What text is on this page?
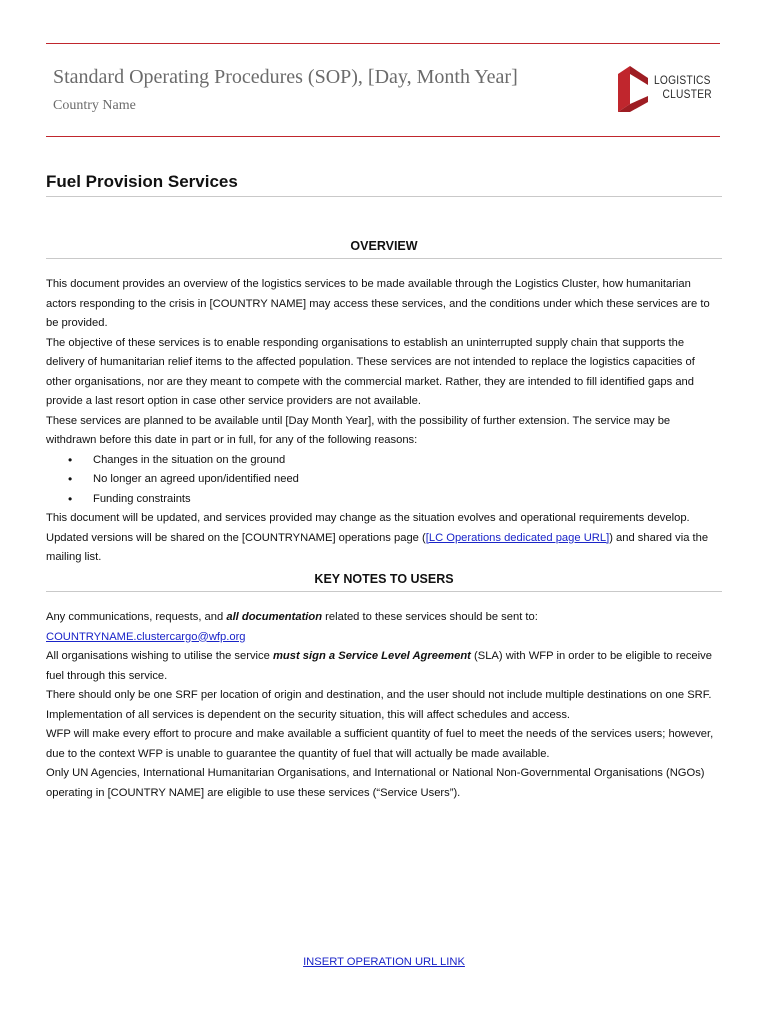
Standard Operating Procedures (SOP), [Day, Month Year]
Country Name
LOGISTICS
CLUSTER
Fuel Provision Services
OVERVIEW

This document provides an overview of the logistics services to be made available through the Logistics Cluster, how humanitarian actors responding to the crisis in [COUNTRY NAME] may access these services, and the conditions under which these services are to be provided.

The objective of these services is to enable responding organisations to establish an uninterrupted supply chain that supports the delivery of humanitarian relief items to the affected population. These services are not intended to replace the logistics capacities of other organisations, nor are they meant to compete with the commercial market. Rather, they are intended to fill identified gaps and provide a last resort option in case other service providers are not available.

These services are planned to be available until [Day Month Year], with the possibility of further extension. The service may be withdrawn before this date in part or in full, for any of the following reasons:

• Changes in the situation on the ground
• No longer an agreed upon/identified need
• Funding constraints

This document will be updated, and services provided may change as the situation evolves and operational requirements develop. Updated versions will be shared on the [COUNTRYNAME] operations page ([LC Operations dedicated page URL]) and shared via the mailing list.

KEY NOTES TO USERS

Any communications, requests, and all documentation related to these services should be sent to:

COUNTRYNAME.clustercargo@wfp.org

All organisations wishing to utilise the service must sign a Service Level Agreement (SLA) with WFP in order to be eligible to receive fuel through this service.

There should only be one SRF per location of origin and destination, and the user should not include multiple destinations on one SRF.

Implementation of all services is dependent on the security situation, this will affect schedules and access.

WFP will make every effort to procure and make available a sufficient quantity of fuel to meet the needs of the services users; however, due to the context WFP is unable to guarantee the quantity of fuel that will actually be made available.

Only UN Agencies, International Humanitarian Organisations, and International or National Non-Governmental Organisations (NGOs) operating in [COUNTRY NAME] are eligible to use these services (“Service Users”).

INSERT OPERATION URL LINK
